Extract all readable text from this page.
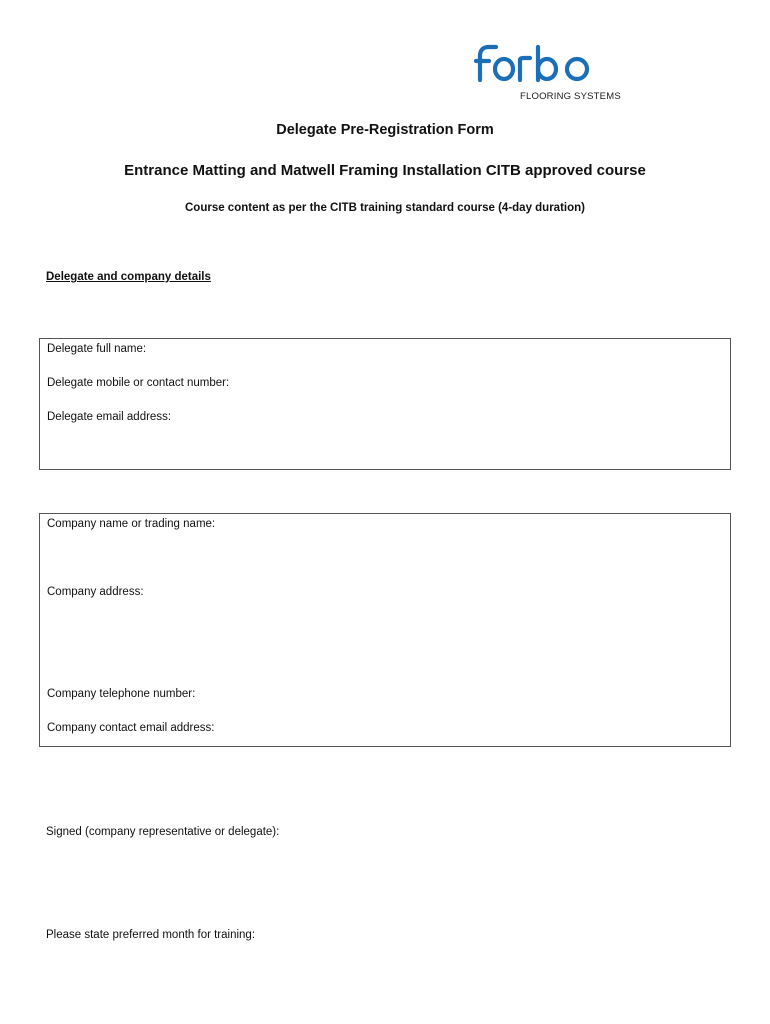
FLOORING SYSTEMS
Delegate Pre-Registration Form
Entrance Matting and Matwell Framing Installation CITB approved course
Course content as per the CITB training standard course (4-day duration)
Delegate and company details
Delegate full name:
Delegate mobile or contact number:
Delegate email address:
Company name or trading name:
Company address:
Company telephone number:
Company contact email address:
Signed (company representative or delegate):
Please state preferred month for training:
